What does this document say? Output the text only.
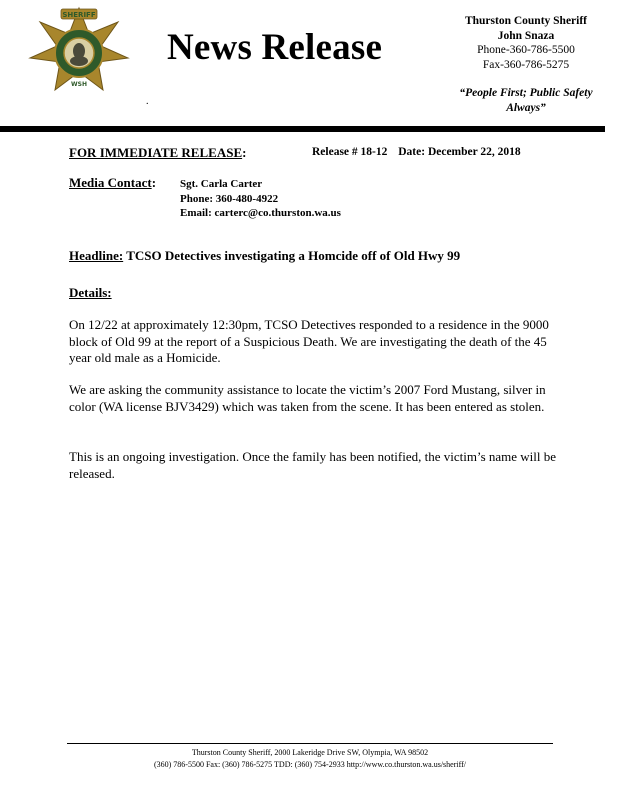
SHERIFF
WSH
News Release
Thurston County Sheriff
John Snaza
Phone-360-786-5500
Fax-360-786-5275
“People First; Public Safety
Always”
.
FOR IMMEDIATE RELEASE:	Release # 18-12 Date: December 22, 2018
Media Contact: Sgt. Carla Carter
Phone: 360-480-4922
Email: carterc@co.thurston.wa.us
Headline: TCSO Detectives investigating a Homcide off of Old Hwy 99
Details:

On 12/22 at approximately 12:30pm, TCSO Detectives responded to a residence in the 9000 block of Old 99 at the report of a Suspicious Death. We are investigating the death of the 45 year old male as a Homicide.

We are asking the community assistance to locate the victim’s 2007 Ford Mustang, silver in color (WA license BJV3429) which was taken from the scene. It has been entered as stolen.

This is an ongoing investigation. Once the family has been notified, the victim’s name will be released.

Thurston County Sheriff, 2000 Lakeridge Drive SW, Olympia, WA 98502
(360) 786-5500 Fax: (360) 786-5275 TDD: (360) 754-2933 http://www.co.thurston.wa.us/sheriff/
